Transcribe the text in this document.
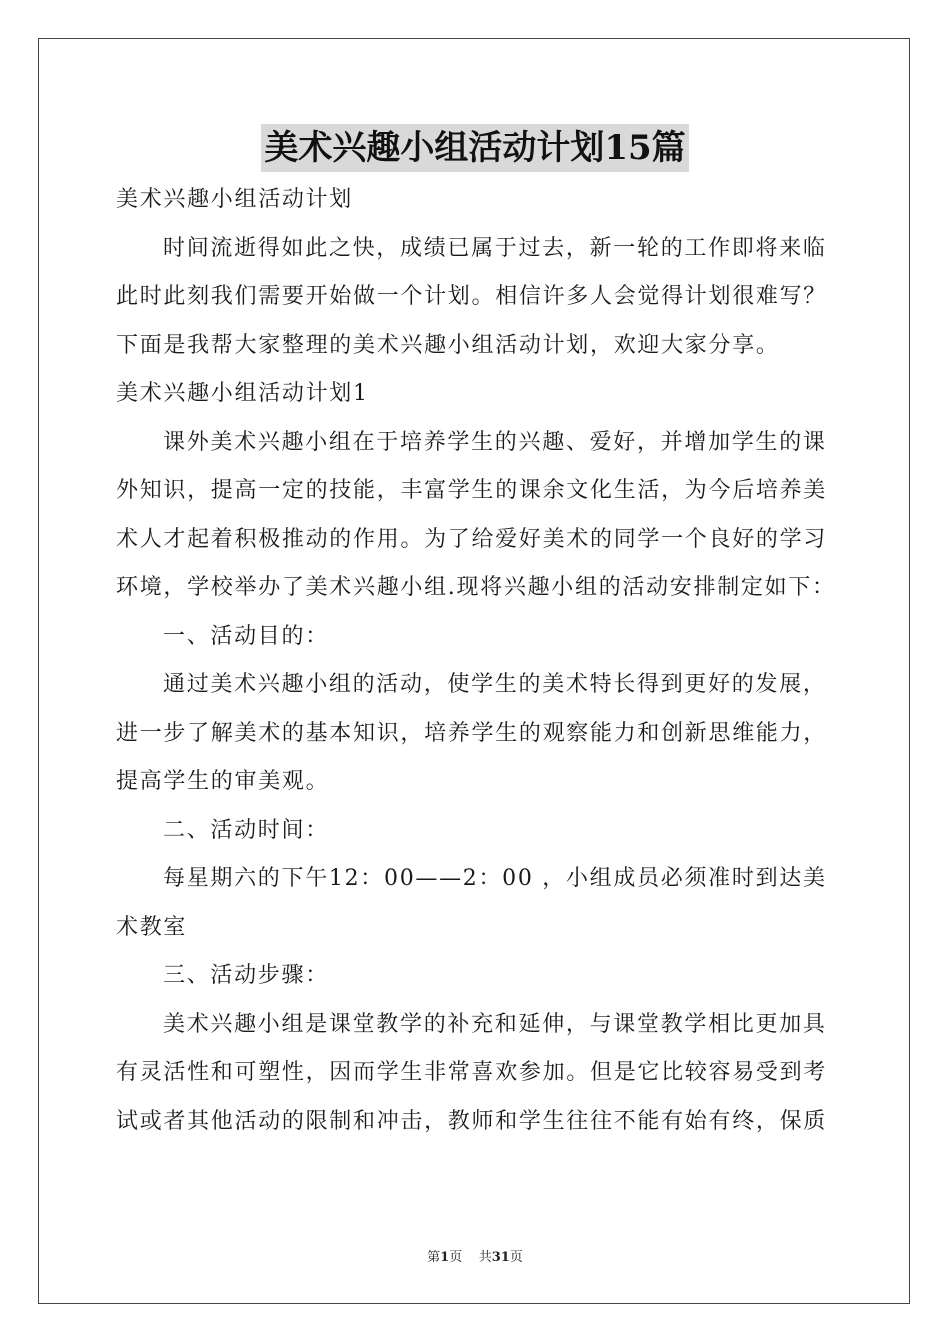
美术兴趣小组活动计划15篇
美术兴趣小组活动计划
时间流逝得如此之快，成绩已属于过去，新一轮的工作即将来临
此时此刻我们需要开始做一个计划。相信许多人会觉得计划很难写？
下面是我帮大家整理的美术兴趣小组活动计划，欢迎大家分享。
美术兴趣小组活动计划1
课外美术兴趣小组在于培养学生的兴趣、爱好，并增加学生的课
外知识，提高一定的技能，丰富学生的课余文化生活，为今后培养美
术人才起着积极推动的作用。为了给爱好美术的同学一个良好的学习
环境，学校举办了美术兴趣小组.现将兴趣小组的活动安排制定如下：
一、活动目的：
通过美术兴趣小组的活动，使学生的美术特长得到更好的发展，
进一步了解美术的基本知识，培养学生的观察能力和创新思维能力，
提高学生的审美观。
二、活动时间：
每星期六的下午12：00——2：00 ，小组成员必须准时到达美
术教室
三、活动步骤：
美术兴趣小组是课堂教学的补充和延伸，与课堂教学相比更加具
有灵活性和可塑性，因而学生非常喜欢参加。但是它比较容易受到考
试或者其他活动的限制和冲击，教师和学生往往不能有始有终，保质
第1页 共31页
